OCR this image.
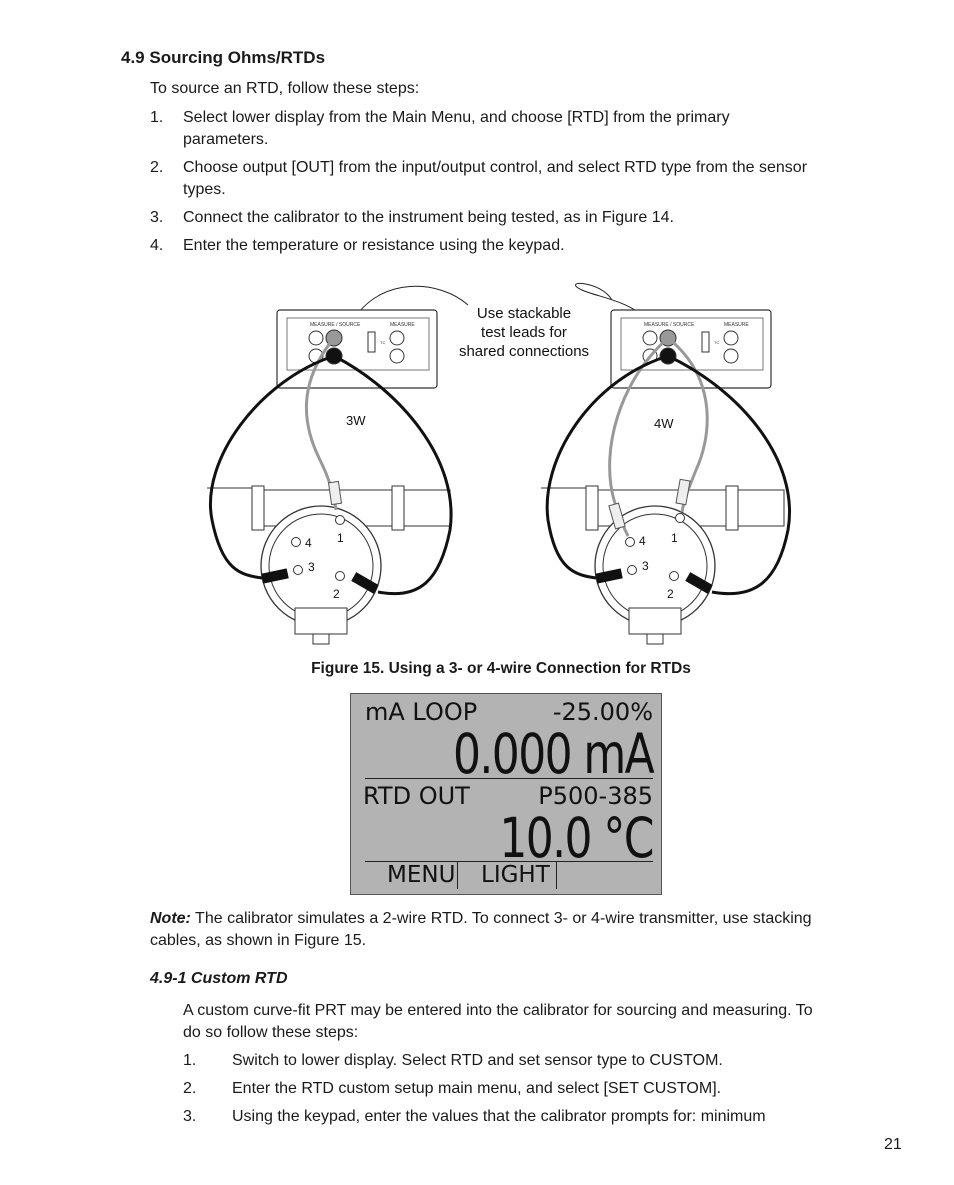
4.9 Sourcing Ohms/RTDs
To source an RTD, follow these steps:
1. Select lower display from the Main Menu, and choose [RTD] from the primary
parameters.
2. Choose output [OUT] from the input/output control, and select RTD type from the sensor
types.
3. Connect the calibrator to the instrument being tested, as in Figure 14.
4. Enter the temperature or resistance using the keypad.
Use stackable
test leads for
shared connections
MEASURE / SOURCE	MEASURE
TC
3W
4 1
3
2
MEASURE / SOURCE	MEASURE
TC
4W
4 1
3
2
Figure 15. Using a 3- or 4-wire Connection for RTDs
mA LOOP	-25.00%
0.000 mA
RTD OUT	P500-385
10.0 °C
MENU LIGHT
Note: The calibrator simulates a 2-wire RTD. To connect 3- or 4-wire transmitter, use stacking
cables, as shown in Figure 15.
4.9-1 Custom RTD
A custom curve-fit PRT may be entered into the calibrator for sourcing and measuring. To
do so follow these steps:
1. Switch to lower display. Select RTD and set sensor type to CUSTOM.
2. Enter the RTD custom setup main menu, and select [SET CUSTOM].
3. Using the keypad, enter the values that the calibrator prompts for: minimum
21
